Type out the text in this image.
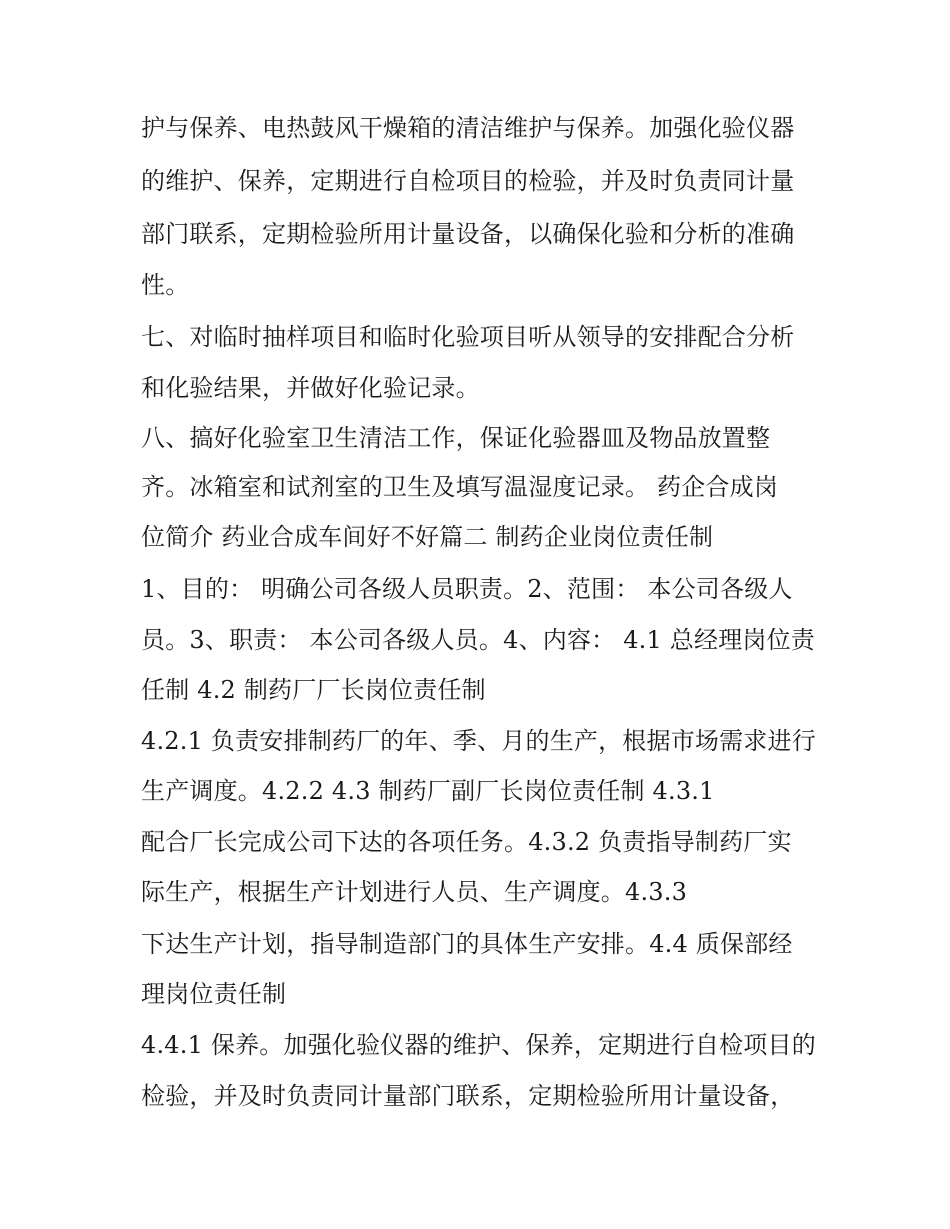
护与保养、电热鼓风干燥箱的清洁维护与保养。加强化验仪器
的维护、保养，定期进行自检项目的检验，并及时负责同计量
部门联系，定期检验所用计量设备，以确保化验和分析的准确
性。
七、对临时抽样项目和临时化验项目听从领导的安排配合分析
和化验结果，并做好化验记录。
八、搞好化验室卫生清洁工作，保证化验器皿及物品放置整
齐。冰箱室和试剂室的卫生及填写温湿度记录。 药企合成岗
位简介 药业合成车间好不好篇二 制药企业岗位责任制
1、目的： 明确公司各级人员职责。2、范围： 本公司各级人
员。3、职责： 本公司各级人员。4、内容： 4.1 总经理岗位责
任制 4.2 制药厂厂长岗位责任制
4.2.1 负责安排制药厂的年、季、月的生产，根据市场需求进行
生产调度。4.2.2 4.3 制药厂副厂长岗位责任制 4.3.1
配合厂长完成公司下达的各项任务。4.3.2 负责指导制药厂实
际生产，根据生产计划进行人员、生产调度。4.3.3
下达生产计划，指导制造部门的具体生产安排。4.4 质保部经
理岗位责任制
4.4.1 保养。加强化验仪器的维护、保养，定期进行自检项目的
检验，并及时负责同计量部门联系，定期检验所用计量设备，
